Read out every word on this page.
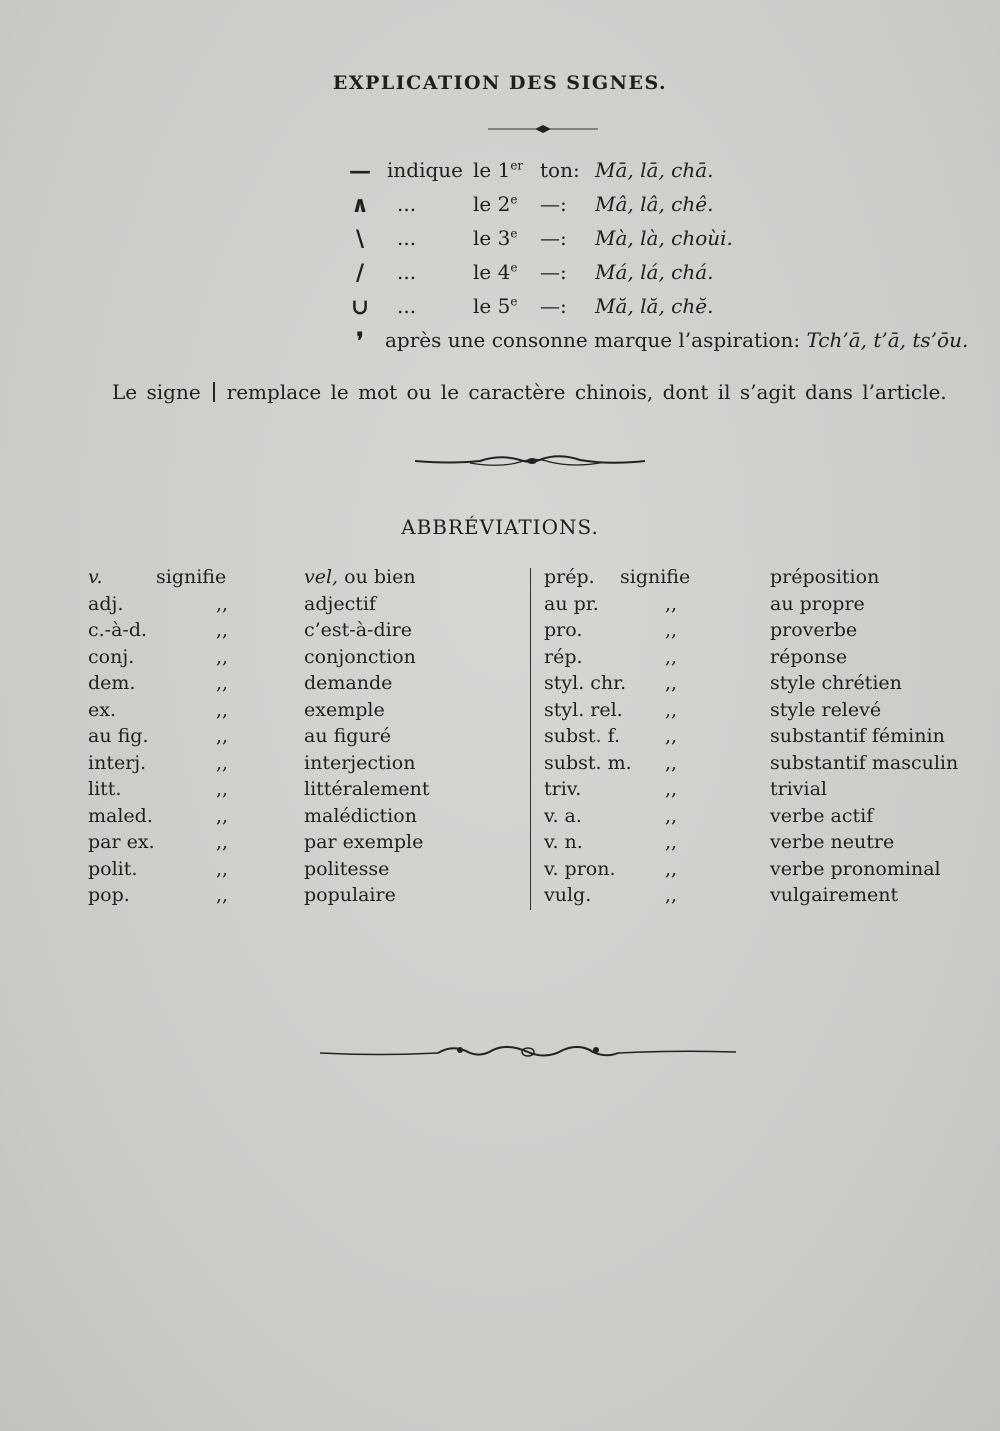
EXPLICATION DES SIGNES.
— indique le 1er ton: Mā, lā, chā.
∧	...	le 2e —: Mâ, lâ, chê.
\	...	le 3e —: Mà, là, choùi.
/	...	le 4e —: Má, lá, chá.
∪ ...	le 5e —: Mă, lă, chĕ.
❜	après une consonne marque l’aspiration: Tch’ā, t’ā, ts’ōu.
Le signe remplace le mot ou le caractère chinois, dont il s’agit dans l’article.
ABBRÉVIATIONS.
v.	signifie	vel, ou bien
adj.	,,	adjectif
c.-à-d.	,,	c’est-à-dire
conj.	,,	conjonction
dem.	,,	demande
ex.	,,	exemple
au fig.	,,	au figuré
interj.	,,	interjection
litt.	,,	littéralement
maled.	,,	malédiction
par ex.	,,	par exemple
polit.	,,	politesse
pop.	,,	populaire
prép. signifie	préposition
au pr.	,,	au propre
pro.	,,	proverbe
rép.	,,	réponse
styl. chr. ,,	style chrétien
styl. rel. ,,	style relevé
subst. f. ,,	substantif féminin
subst. m. ,,	substantif masculin
triv.	,,	trivial
v. a.	,,	verbe actif
v. n.	,,	verbe neutre
v. pron.	,,	verbe pronominal
vulg.	,,	vulgairement
